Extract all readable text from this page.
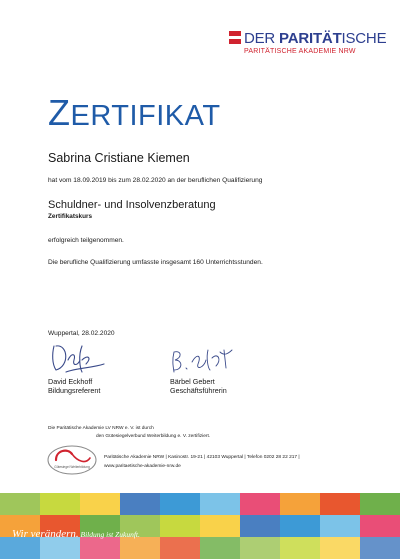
DER PARITÄTISCHE
PARITÄTISCHE AKADEMIE NRW
ZERTIFIKAT
Sabrina Cristiane Kiemen
hat vom 18.09.2019 bis zum 28.02.2020 an der beruflichen Qualifizierung
Schuldner- und Insolvenzberatung
Zertifikatskurs
erfolgreich teilgenommen.
Die berufliche Qualifizierung umfasste insgesamt 160 Unterrichtsstunden.
Wuppertal, 28.02.2020
David Eckhoff
Bildungsreferent
Bärbel Gebert
Geschäftsführerin
Die Paritätische Akademie LV NRW e. V. ist durch
den Gütesiegelverbund Weiterbildung e. V. zertifiziert.
Gütesiegel Weiterbildung
Paritätische Akademie NRW | Kasinostr. 19-21 | 42103 Wuppertal | Telefon 0202 28 22 217 |
www.paritaetische-akademie-nrw.de
Wir verändern. Bildung ist Zukunft.
